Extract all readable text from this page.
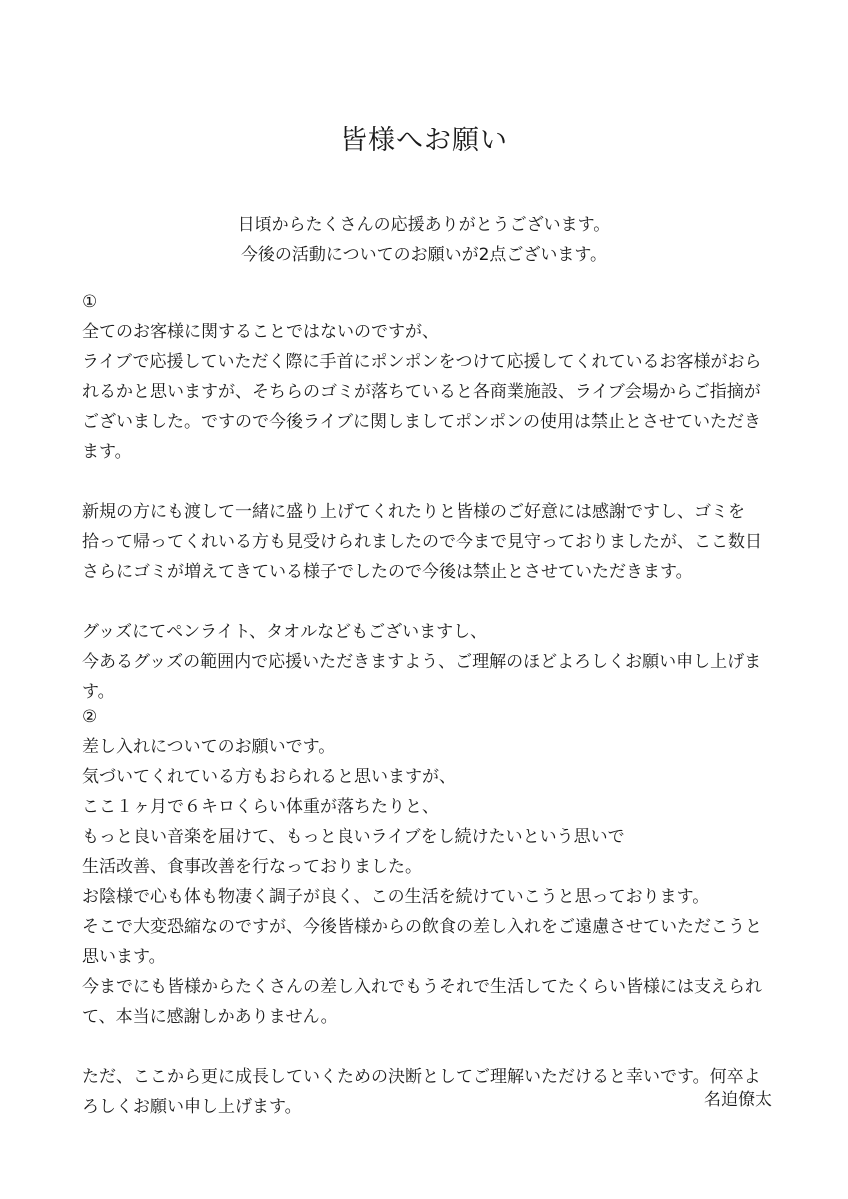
皆様へお願い
日頃からたくさんの応援ありがとうございます。
今後の活動についてのお願いが2点ございます。
①
全てのお客様に関することではないのですが、
ライブで応援していただく際に手首にポンポンをつけて応援してくれているお客様がおら
れるかと思いますが、そちらのゴミが落ちていると各商業施設、ライブ会場からご指摘が
ございました。ですので今後ライブに関しましてポンポンの使用は禁止とさせていただき
ます。
新規の方にも渡して一緒に盛り上げてくれたりと皆様のご好意には感謝ですし、ゴミを
拾って帰ってくれいる方も見受けられましたので今まで見守っておりましたが、ここ数日
さらにゴミが増えてきている様子でしたので今後は禁止とさせていただきます。
グッズにてペンライト、タオルなどもございますし、
今あるグッズの範囲内で応援いただきますよう、ご理解のほどよろしくお願い申し上げま
す。
②
差し入れについてのお願いです。
気づいてくれている方もおられると思いますが、
ここ１ヶ月で６キロくらい体重が落ちたりと、
もっと良い音楽を届けて、もっと良いライブをし続けたいという思いで
生活改善、食事改善を行なっておりました。
お陰様で心も体も物凄く調子が良く、この生活を続けていこうと思っております。
そこで大変恐縮なのですが、今後皆様からの飲食の差し入れをご遠慮させていただこうと
思います。
今までにも皆様からたくさんの差し入れでもうそれで生活してたくらい皆様には支えられ
て、本当に感謝しかありません。
ただ、ここから更に成長していくための決断としてご理解いただけると幸いです。何卒よ
ろしくお願い申し上げます。	名迫僚太
